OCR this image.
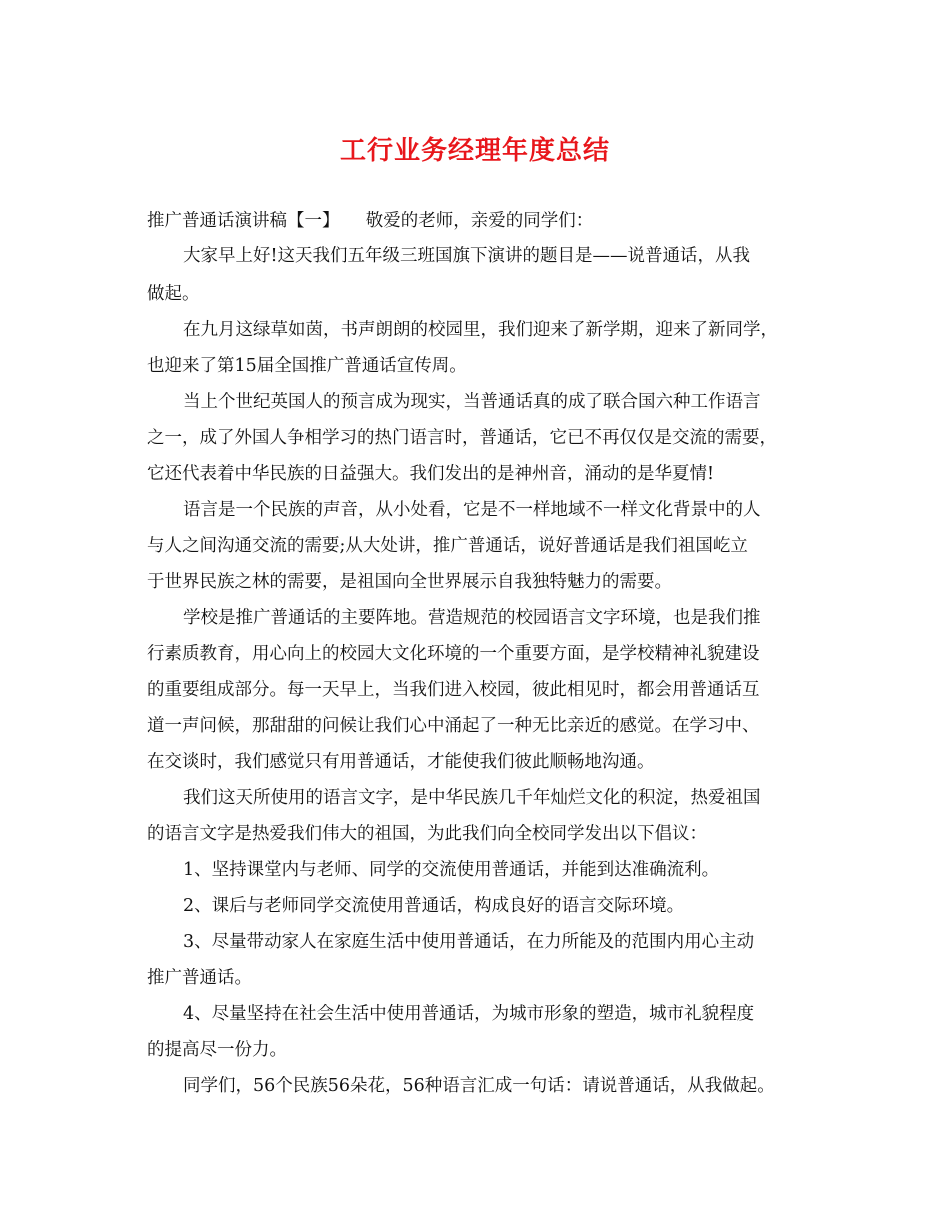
工行业务经理年度总结
推广普通话演讲稿【一】　　敬爱的老师，亲爱的同学们：
大家早上好!这天我们五年级三班国旗下演讲的题目是——说普通话，从我
做起。
在九月这绿草如茵，书声朗朗的校园里，我们迎来了新学期，迎来了新同学，
也迎来了第15届全国推广普通话宣传周。
当上个世纪英国人的预言成为现实，当普通话真的成了联合国六种工作语言
之一，成了外国人争相学习的热门语言时，普通话，它已不再仅仅是交流的需要，
它还代表着中华民族的日益强大。我们发出的是神州音，涌动的是华夏情!
语言是一个民族的声音，从小处看，它是不一样地域不一样文化背景中的人
与人之间沟通交流的需要;从大处讲，推广普通话，说好普通话是我们祖国屹立
于世界民族之林的需要，是祖国向全世界展示自我独特魅力的需要。
学校是推广普通话的主要阵地。营造规范的校园语言文字环境，也是我们推
行素质教育，用心向上的校园大文化环境的一个重要方面，是学校精神礼貌建设
的重要组成部分。每一天早上，当我们进入校园，彼此相见时，都会用普通话互
道一声问候，那甜甜的问候让我们心中涌起了一种无比亲近的感觉。在学习中、
在交谈时，我们感觉只有用普通话，才能使我们彼此顺畅地沟通。
我们这天所使用的语言文字，是中华民族几千年灿烂文化的积淀，热爱祖国
的语言文字是热爱我们伟大的祖国，为此我们向全校同学发出以下倡议：
1、坚持课堂内与老师、同学的交流使用普通话，并能到达准确流利。
2、课后与老师同学交流使用普通话，构成良好的语言交际环境。
3、尽量带动家人在家庭生活中使用普通话，在力所能及的范围内用心主动
推广普通话。
4、尽量坚持在社会生活中使用普通话，为城市形象的塑造，城市礼貌程度
的提高尽一份力。
同学们，56个民族56朵花，56种语言汇成一句话：请说普通话，从我做起。
